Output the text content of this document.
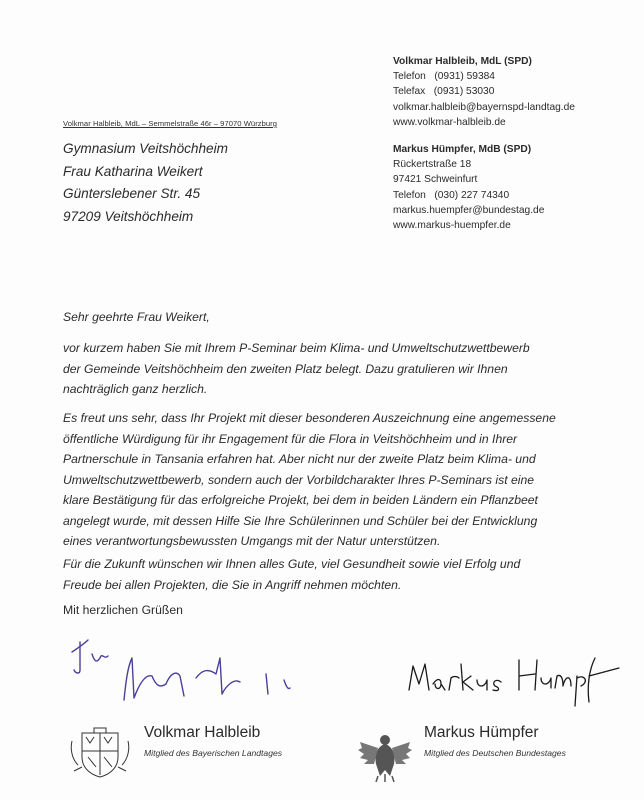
Volkmar Halbleib, MdL (SPD)
Telefon   (0931) 59384
Telefax   (0931) 53030
volkmar.halbleib@bayernspd-landtag.de
www.volkmar-halbleib.de
Markus Hümpfer, MdB (SPD)
Rückertstraße 18
97421 Schweinfurt
Telefon   (030) 227 74340
markus.huempfer@bundestag.de
www.markus-huempfer.de
Volkmar Halbleib, MdL – Semmelstraße 46r – 97070 Würzburg
Gymnasium Veitshöchheim
Frau Katharina Weikert
Günterslebener Str. 45
97209 Veitshöchheim
Sehr geehrte Frau Weikert,
vor kurzem haben Sie mit Ihrem P-Seminar beim Klima- und Umweltschutzwettbewerb
der Gemeinde Veitshöchheim den zweiten Platz belegt. Dazu gratulieren wir Ihnen
nachträglich ganz herzlich.
Es freut uns sehr, dass Ihr Projekt mit dieser besonderen Auszeichnung eine angemessene
öffentliche Würdigung für ihr Engagement für die Flora in Veitshöchheim und in Ihrer
Partnerschule in Tansania erfahren hat. Aber nicht nur der zweite Platz beim Klima- und
Umweltschutzwettbewerb, sondern auch der Vorbildcharakter Ihres P-Seminars ist eine
klare Bestätigung für das erfolgreiche Projekt, bei dem in beiden Ländern ein Pflanzbeet
angelegt wurde, mit dessen Hilfe Sie Ihre Schülerinnen und Schüler bei der Entwicklung
eines verantwortungsbewussten Umgangs mit der Natur unterstützen.
Für die Zukunft wünschen wir Ihnen alles Gute, viel Gesundheit sowie viel Erfolg und
Freude bei allen Projekten, die Sie in Angriff nehmen möchten.
Mit herzlichen Grüßen
Volkmar Halbleib
Mitglied des Bayerischen Landtages
Markus Hümpfer
Mitglied des Deutschen Bundestages
